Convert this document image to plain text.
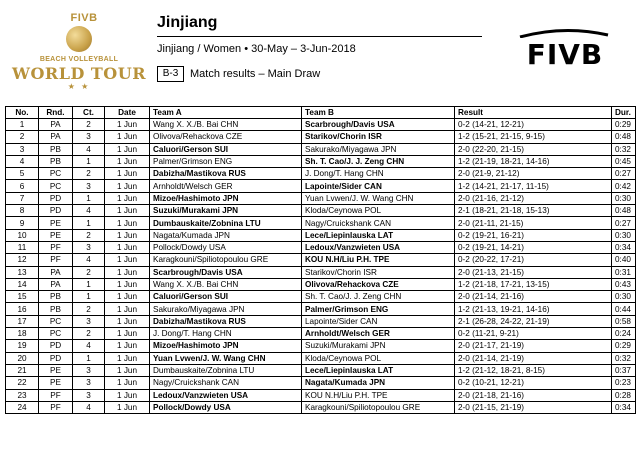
FIVB
BEACH VOLLEYBALL
WORLD TOUR
★ ★
Jinjiang
Jinjiang / Women • 30-May – 3-Jun-2018
B-3	Match results – Main Draw
FIVB
No.	Rnd.	Ct.	Date	Team A	Team B	Result	Dur.
1	PA	2	1 Jun	Wang X. X./B. Bai CHN	Scarbrough/Davis USA	0-2 (14-21, 12-21)	0:29
2	PA	3	1 Jun	Olivova/Rehackova CZE	Starikov/Chorin ISR	1-2 (15-21, 21-15, 9-15)	0:48
3	PB	4	1 Jun	Caluori/Gerson SUI	Sakurako/Miyagawa JPN	2-0 (22-20, 21-15)	0:32
4	PB	1	1 Jun	Palmer/Grimson ENG	Sh. T. Cao/J. J. Zeng CHN	1-2 (21-19, 18-21, 14-16)	0:45
5	PC	2	1 Jun	Dabizha/Mastikova RUS	J. Dong/T. Hang CHN	2-0 (21-9, 21-12)	0:27
6	PC	3	1 Jun	Arnholdt/Welsch GER	Lapointe/Sider CAN	1-2 (14-21, 21-17, 11-15)	0:42
7	PD	1	1 Jun	Mizoe/Hashimoto JPN	Yuan Lvwen/J. W. Wang CHN	2-0 (21-16, 21-12)	0:30
8	PD	4	1 Jun	Suzuki/Murakami JPN	Kloda/Ceynowa POL	2-1 (18-21, 21-18, 15-13)	0:48
9	PE	1	1 Jun	Dumbauskaite/Zobnina LTU	Nagy/Cruickshank CAN	2-0 (21-11, 21-15)	0:27
10	PE	2	1 Jun	Nagata/Kumada JPN	Lece/Liepinlauska LAT	0-2 (19-21, 16-21)	0:30
11	PF	3	1 Jun	Pollock/Dowdy USA	Ledoux/Vanzwieten USA	0-2 (19-21, 14-21)	0:34
12	PF	4	1 Jun	Karagkouni/Spiliotopoulou GRE	KOU N.H/Liu P.H. TPE	0-2 (20-22, 17-21)	0:40
13	PA	2	1 Jun	Scarbrough/Davis USA	Starikov/Chorin ISR	2-0 (21-13, 21-15)	0:31
14	PA	1	1 Jun	Wang X. X./B. Bai CHN	Olivova/Rehackova CZE	1-2 (21-18, 17-21, 13-15)	0:43
15	PB	1	1 Jun	Caluori/Gerson SUI	Sh. T. Cao/J. J. Zeng CHN	2-0 (21-14, 21-16)	0:30
16	PB	2	1 Jun	Sakurako/Miyagawa JPN	Palmer/Grimson ENG	1-2 (21-13, 19-21, 14-16)	0:44
17	PC	3	1 Jun	Dabizha/Mastikova RUS	Lapointe/Sider CAN	2-1 (26-28, 24-22, 21-19)	0:58
18	PC	2	1 Jun	J. Dong/T. Hang CHN	Arnholdt/Welsch GER	0-2 (11-21, 9-21)	0:24
19	PD	4	1 Jun	Mizoe/Hashimoto JPN	Suzuki/Murakami JPN	2-0 (21-17, 21-19)	0:29
20	PD	1	1 Jun	Yuan Lvwen/J. W. Wang CHN	Kloda/Ceynowa POL	2-0 (21-14, 21-19)	0:32
21	PE	3	1 Jun	Dumbauskaite/Zobnina LTU	Lece/Liepinlauska LAT	1-2 (21-12, 18-21, 8-15)	0:37
22	PE	3	1 Jun	Nagy/Cruickshank CAN	Nagata/Kumada JPN	0-2 (10-21, 12-21)	0:23
23	PF	3	1 Jun	Ledoux/Vanzwieten USA	KOU N.H/Liu P.H. TPE	2-0 (21-18, 21-16)	0:28
24	PF	4	1 Jun	Pollock/Dowdy USA	Karagkouni/Spiliotopoulou GRE	2-0 (21-15, 21-19)	0:34
